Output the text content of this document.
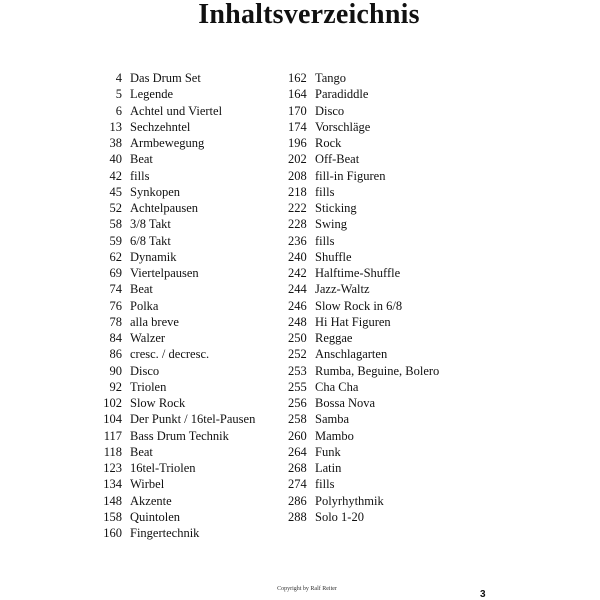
Inhaltsverzeichnis
4 Das Drum Set
5 Legende
6 Achtel und Viertel
13 Sechzehntel
38 Armbewegung
40 Beat
42 fills
45 Synkopen
52 Achtelpausen
58 3/8 Takt
59 6/8 Takt
62 Dynamik
69 Viertelpausen
74 Beat
76 Polka
78 alla breve
84 Walzer
86 cresc. / decresc.
90 Disco
92 Triolen
102 Slow Rock
104 Der Punkt / 16tel-Pausen
117 Bass Drum Technik
118 Beat
123 16tel-Triolen
134 Wirbel
148 Akzente
158 Quintolen
160 Fingertechnik
162 Tango
164 Paradiddle
170 Disco
174 Vorschläge
196 Rock
202 Off-Beat
208 fill-in Figuren
218 fills
222 Sticking
228 Swing
236 fills
240 Shuffle
242 Halftime-Shuffle
244 Jazz-Waltz
246 Slow Rock in 6/8
248 Hi Hat Figuren
250 Reggae
252 Anschlagarten
253 Rumba, Beguine, Bolero
255 Cha Cha
256 Bossa Nova
258 Samba
260 Mambo
264 Funk
268 Latin
274 fills
286 Polyrhythmik
288 Solo 1-20
Copyright by Ralf Reiter	3
